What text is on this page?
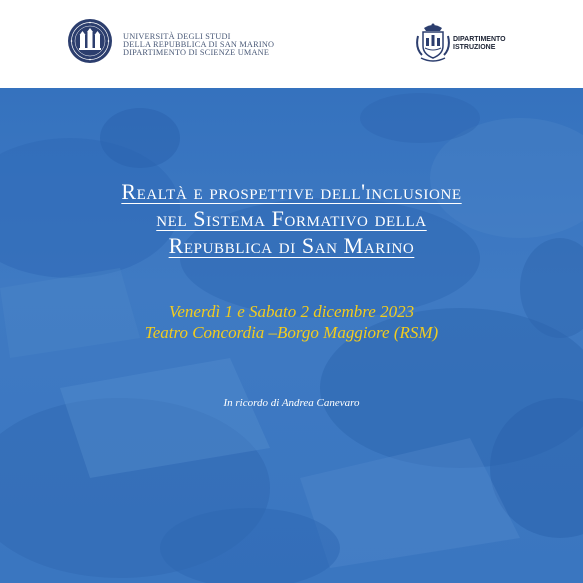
UNIVERSITÀ DEGLI STUDI
DELLA REPUBBLICA DI SAN MARINO
DIPARTIMENTO DI SCIENZE UMANE
DIPARTIMENTO
ISTRUZIONE
Realtà e prospettive dell'inclusione
nel Sistema Formativo della
Repubblica di San Marino
Venerdì 1 e Sabato 2 dicembre 2023
Teatro Concordia –Borgo Maggiore (RSM)
In ricordo di Andrea Canevaro
